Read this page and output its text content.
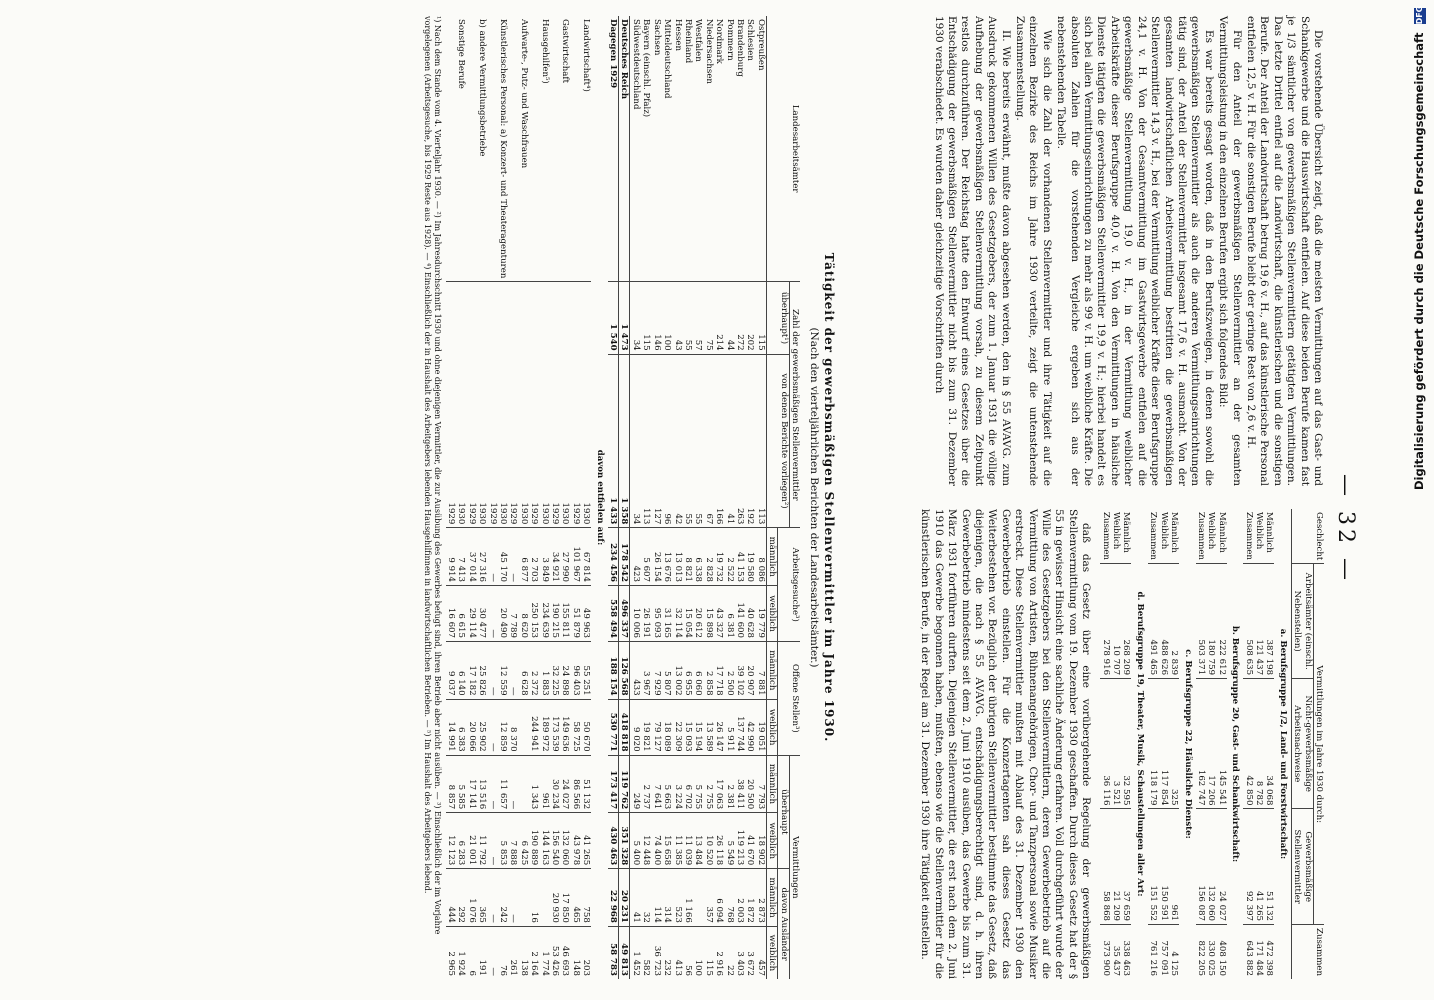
— 32 —

Die vorstehende Übersicht zeigt, daß die meisten Vermittlungen auf das Gast- und Schankgewerbe und die Hauswirtschaft entfielen. Auf diese beiden Berufe kamen fast je 1/3 sämtlicher von gewerbsmäßigen Stellenvermittlern getätigten Vermittlungen. Das letzte Drittel entfiel auf die Landwirtschaft, die künstlerischen und die sonstigen Berufe. Der Anteil der Landwirtschaft betrug 19,6 v. H., auf das künstlerische Personal entfielen 12,5 v. H. Für die sonstigen Berufe bleibt der geringe Rest von 2,6 v. H.

Für den Anteil der gewerbsmäßigen Stellenvermittler an der gesamten Vermittlungsleistung in den einzelnen Berufen ergibt sich folgendes Bild:

Es war bereits gesagt worden, daß in den Berufszweigen, in denen sowohl die gewerbsmäßigen Stellenvermittler als auch die anderen Vermittlungseinrichtungen tätig sind, der Anteil der Stellenvermittler insgesamt 17,6 v. H. ausmacht. Von der gesamten landwirtschaftlichen Arbeitsvermittlung bestritten die gewerbsmäßigen Stellenvermittler 14,3 v. H., bei der Vermittlung weiblicher Kräfte dieser Berufsgruppe 24,1 v. H. Von der Gesamtvermittlung im Gastwirtsgewerbe entfielen auf die gewerbsmäßige Stellenvermittlung 19,0 v. H., in der Vermittlung weiblicher Arbeitskräfte dieser Berufsgruppe 40,0 v. H. Von den Vermittlungen in häusliche Dienste tätigten die gewerbsmäßigen Stellenvermittler 19,9 v. H.; hierbei handelt es sich bei allen Vermittlungseinrichtungen zu mehr als 99 v. H. um weibliche Kräfte. Die absoluten Zahlen für die vorstehenden Vergleiche ergeben sich aus der nebenstehenden Tabelle.

Wie sich die Zahl der vorhandenen Stellenvermittler und ihre Tätigkeit auf die einzelnen Bezirke des Reichs im Jahre 1930 verteilte, zeigt die untenstehende Zusammenstellung.

II. Wie bereits erwähnt, mußte davon abgesehen werden, den in § 55 AVAVG. zum Ausdruck gekommenen Willen des Gesetzgebers, der zum 1. Januar 1931 die völlige Aufhebung der gewerbsmäßigen Stellenvermittlung vorsah, zu diesem Zeitpunkt restlos durchzuführen. Der Reichstag hatte den Entwurf eines Gesetzes über die Entschädigung der gewerbsmäßigen Stellenvermittler nicht bis zum 31. Dezember 1930 verabschiedet. Es wurden daher gleichzeitige Vorschriften durch

Geschlecht	Vermittlungen im Jahre 1930 durch:			Zusammen
	Arbeitsämter (einschl. Nebenstellen)	Nicht-gewerbsmäßige Arbeitsnachweise	Gewerbsmäßige Stellenvermittler	
a. Berufsgruppe 1/2, Land- und Forstwirtschaft:				
Männlich	387 198	34 068	51 132	472 398
Weiblich	121 437	8 782	41 265	171 484
Zusammen	508 635	42 850	92 397	643 882
b. Berufsgruppe 20, Gast- und Schankwirtschaft:				
Männlich	222 612	145 541	24 027	408 150
Weiblich	180 759	17 206	132 060	330 025
Zusammen	503 371	162 747	156 087	822 205
c. Berufsgruppe 22, Häusliche Dienste:				
Männlich	2 839	325	961	4 125
Weiblich	488 626	117 854	150 591	757 091
Zusammen	491 465	118 179	151 552	761 216
d. Berufsgruppe 19, Theater, Musik, Schaustellungen aller Art:				
Männlich	268 209	32 595	37 659	338 463
Weiblich	10 707	3 521	21 209	35 437
Zusammen	278 916	36 116	58 868	373 900

daß das Gesetz über eine vorübergehende Regelung der gewerbsmäßigen Stellenvermittlung vom 19. Dezember 1930 geschaffen. Durch dieses Gesetz hat der § 55 in gewisser Hinsicht eine sachliche Änderung erfahren. Voll durchgeführt wurde der Wille des Gesetzgebers bei den Stellenvermittlern, deren Gewerbebetrieb auf die Vermittlung von Artisten, Bühnenangehörigen, Chor- und Tanzpersonal sowie Musiker erstreckt. Diese Stellenvermittler mußten mit Ablauf des 31. Dezember 1930 den Gewerbebetrieb einstellen. Für die Konzertagenten sah dieses Gesetz das Weiterbestehen vor. Bezüglich der übrigen Stellenvermittler bestimmte das Gesetz, daß diejenigen, die nach § 55 AVAVG. entschädigungsberechtigt sind, d. h. ihren Gewerbebetrieb mindestens seit dem 2. Juni 1910 ausüben, das Gewerbe bis zum 31. März 1931 fortführen durften. Diejenigen Stellenvermittler, die erst nach dem 2. Juni 1910 das Gewerbe begonnen haben, mußten, ebenso wie die Stellenvermittler für die künstlerischen Berufe, in der Regel am 31. Dezember 1930 ihre Tätigkeit einstellen.

Tätigkeit der gewerbsmäßigen Stellenvermittler im Jahre 1930.
(Nach den vierteljährlichen Berichten der Landesarbeitsämter.)
Landesarbeitsämter	Zahl der gewerbsmäßigen Stellenvermittler		Arbeitsgesuche³)		Offene Stellen³)		Vermittlungen			
	überhaupt¹)	von denen Berichte vorliegen²)					überhaupt		davon Ausländer	
			männlich	weiblich	männlich	weiblich	männlich	weiblich	männlich	weiblich
Ostpreußen	115	113	8 086	19 779	7 881	19 051	7 793	18 902	2 873	457
Schlesien	202	192	19 580	40 628	20 907	42 990	20 500	41 670	1 872	3 672
Brandenburg	272	263	41 153	141 600	39 102	137 744	38 411	119 213	2 003	3 403
Pommern	44	41	2 522	6 381	2 500	5 911	2 381	5 549	768	22
Nordmark	214	166	19 732	43 327	17 718	26 147	17 063	26 118	6 094	2 916
Niedersachsen	75	67	2 828	15 898	2 858	13 589	2 755	10 520	357	115
Westfalen	57	55	6 338	20 612	6 060	15 194	5 755	13 484		100
Rheinland	55	55	8 821	15 054	6 955	15 093	6 702	11 039	1 166	56
Hessen	43	42	13 013	32 114	13 002	22 309	3 224	11 385	523	413
Mitteldeutschland	100	96	13 676	31 165	5 807	18 089	5 663	15 658	314	232
Sachsen	146	127	26 154	95 093	7 929	79 127	7 641	74 400	114	36 723
Bayern (einschl. Pfalz)	115	113	5 607	26 191	3 967	19 821	2 737	12 448	32	582
Südwestdeutschland	34	34	423	10 006	433	9 020	249	5 400	41	1 452
Deutsches Reich	1 473	1 358	178 542	496 337	126 568	418 818	119 762	351 328	20 231	49 813
Dagegen 1929	1 540	1 433	234 456	558 494	188 154	530 771	173 417	430 463	22 968	58 783
davon entfielen auf:										
Landwirtschaft⁴)	1930		67 814	49 963	55 251	50 670	51 132	41 265	758	203
	1929		101 967	51 879	96 403	58 725	86 566	43 978	465	148
Gastwirtschaft	1930		27 990	155 811	24 898	149 636	24 027	132 060	17 850	46 693
	1929		34 921	190 215	32 225	173 539	30 234	156 540	20 930	53 426
Hausgehilfen⁵)	1930		3 849	234 639	1 883	189 972	961	144 163		1 774
	1929		2 703	250 153	2 372	244 941	1 343	190 889	16	2 164
Aufwarte-, Putz- und Waschfrauen	1930		6 877	8 620	6 628			6 425		138
	1929		—	7 789	—	8 370	—	7 888	—	261
Künstlerisches Personal: a) Konzert- und Theateragenturen	1930		45 170	20 490	12 559	12 859	11 657	5 853	242	76
	1929		—	—	—	—	—	—	—	—
b) andere Vermittlungsbetriebe	1930		27 316	30 477	25 826	25 902	13 516	11 792	365	191
	1929		37 014	29 114	17 182	20 066	17 141	21 001	1 076	6
Sonstige Berufe	1930		7 413	6 615	6 140	6 383	5 585	6 283	292	1 924
	1929		9 914	16 607	9 037	14 991	8 857	12 123	444	2 965
¹) Nach dem Stande vom 4. Vierteljahr 1930. — ²) Im Jahresdurchschnitt 1930 und ohne diejenigen Vermittler, die zur Ausübung des Gewerbes befugt sind, ihren Betrieb aber nicht ausüben. — ³) Einschließlich der im Vorjahre vorgelegenen (Arbeitsgesuche, bis 1929 Reste aus 1928). — ⁴) Einschließlich der in Haushalt des Arbeitgebers lebenden Hausgehilfinnen in landwirtschaftlichen Betrieben. — ⁵) Im Haushalt des Arbeitgebers lebend.	Digitalisierung gefördert durch die Deutsche Forschungsgemeinschaft DFG
